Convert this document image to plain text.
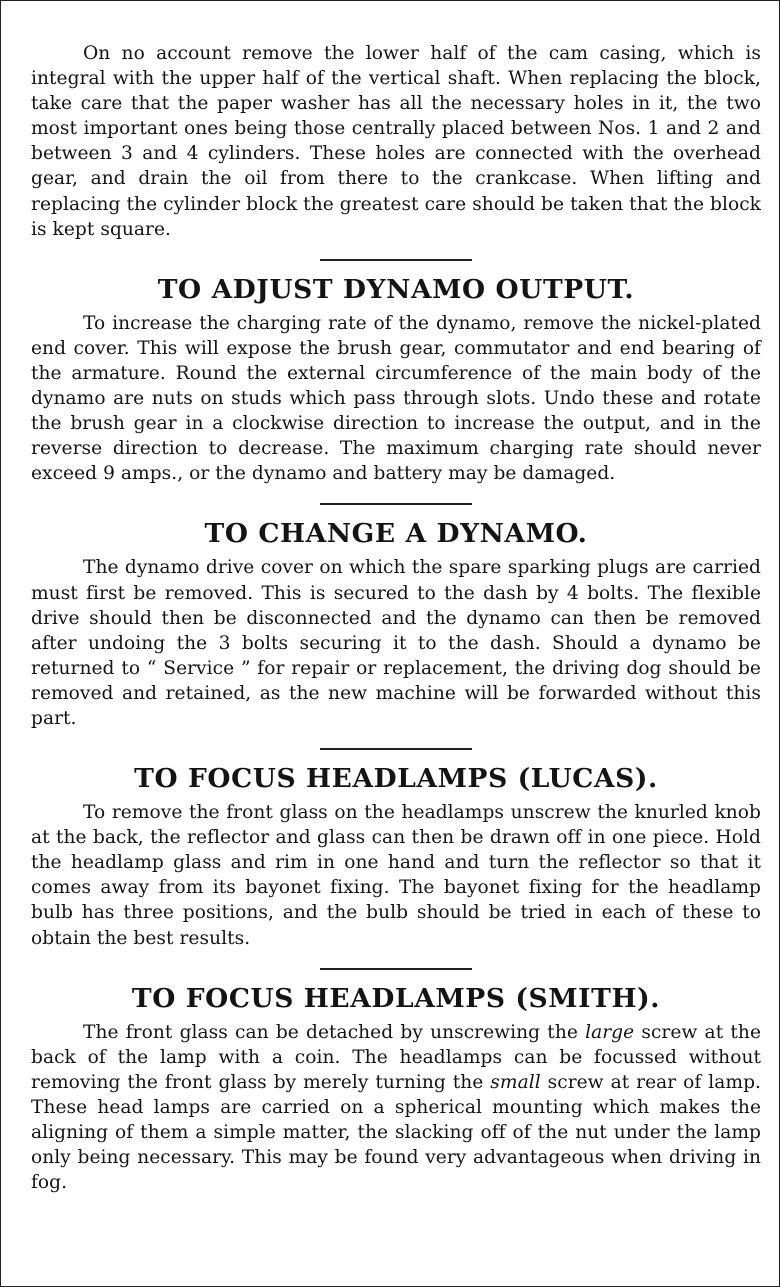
On no account remove the lower half of the cam casing, which is integral with the upper half of the vertical shaft. When replacing the block, take care that the paper washer has all the necessary holes in it, the two most important ones being those centrally placed between Nos. 1 and 2 and between 3 and 4 cylinders. These holes are connected with the overhead gear, and drain the oil from there to the crankcase. When lifting and replacing the cylinder block the greatest care should be taken that the block is kept square.

TO ADJUST DYNAMO OUTPUT.

To increase the charging rate of the dynamo, remove the nickel-plated end cover. This will expose the brush gear, commutator and end bearing of the armature. Round the external circumference of the main body of the dynamo are nuts on studs which pass through slots. Undo these and rotate the brush gear in a clockwise direction to increase the output, and in the reverse direction to decrease. The maximum charging rate should never exceed 9 amps., or the dynamo and battery may be damaged.

TO CHANGE A DYNAMO.

The dynamo drive cover on which the spare sparking plugs are carried must first be removed. This is secured to the dash by 4 bolts. The flexible drive should then be disconnected and the dynamo can then be removed after undoing the 3 bolts securing it to the dash. Should a dynamo be returned to “ Service ” for repair or replacement, the driving dog should be removed and retained, as the new machine will be forwarded without this part.

TO FOCUS HEADLAMPS (LUCAS).

To remove the front glass on the headlamps unscrew the knurled knob at the back, the reflector and glass can then be drawn off in one piece. Hold the headlamp glass and rim in one hand and turn the reflector so that it comes away from its bayonet fixing. The bayonet fixing for the headlamp bulb has three positions, and the bulb should be tried in each of these to obtain the best results.

TO FOCUS HEADLAMPS (SMITH).

The front glass can be detached by unscrewing the large screw at the back of the lamp with a coin. The headlamps can be focussed without removing the front glass by merely turning the small screw at rear of lamp. These head lamps are carried on a spherical mounting which makes the aligning of them a simple matter, the slacking off of the nut under the lamp only being necessary. This may be found very advantageous when driving in fog.
